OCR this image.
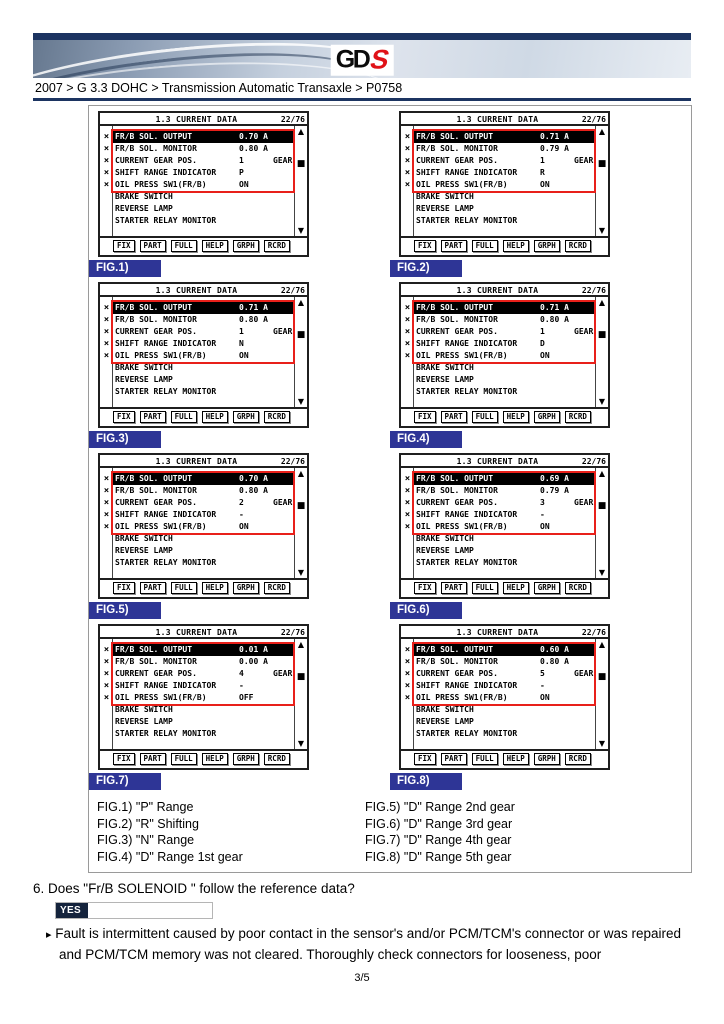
GD
S
2007 > G 3.3 DOHC > Transmission Automatic Transaxle > P0758
1.3 CURRENT DATA	22/76
× FR/B SOL. OUTPUT	0.70 A
× FR/B SOL. MONITOR	0.80 A
× CURRENT GEAR POS.	1	GEAR
× SHIFT RANGE INDICATOR	P
× OIL PRESS SW1(FR/B)	ON
BRAKE SWITCH
REVERSE LAMP
STARTER RELAY MONITOR
▲
■
▼
FIX	PART	FULL	HELP	GRPH	RCRD
FIG.1)
1.3 CURRENT DATA	22/76
× FR/B SOL. OUTPUT	0.71 A
× FR/B SOL. MONITOR	0.79 A
× CURRENT GEAR POS.	1	GEAR
× SHIFT RANGE INDICATOR	R
× OIL PRESS SW1(FR/B)	ON
BRAKE SWITCH
REVERSE LAMP
STARTER RELAY MONITOR
▲
■
▼
FIX	PART	FULL	HELP	GRPH	RCRD
FIG.2)
1.3 CURRENT DATA	22/76
× FR/B SOL. OUTPUT	0.71 A
× FR/B SOL. MONITOR	0.80 A
× CURRENT GEAR POS.	1	GEAR
× SHIFT RANGE INDICATOR	N
× OIL PRESS SW1(FR/B)	ON
BRAKE SWITCH
REVERSE LAMP
STARTER RELAY MONITOR
▲
■
▼
FIX	PART	FULL	HELP	GRPH	RCRD
FIG.3)
1.3 CURRENT DATA	22/76
× FR/B SOL. OUTPUT	0.71 A
× FR/B SOL. MONITOR	0.80 A
× CURRENT GEAR POS.	1	GEAR
× SHIFT RANGE INDICATOR	D
× OIL PRESS SW1(FR/B)	ON
BRAKE SWITCH
REVERSE LAMP
STARTER RELAY MONITOR
▲
■
▼
FIX	PART	FULL	HELP	GRPH	RCRD
FIG.4)
1.3 CURRENT DATA	22/76
× FR/B SOL. OUTPUT	0.70 A
× FR/B SOL. MONITOR	0.80 A
× CURRENT GEAR POS.	2	GEAR
× SHIFT RANGE INDICATOR	-
× OIL PRESS SW1(FR/B)	ON
BRAKE SWITCH
REVERSE LAMP
STARTER RELAY MONITOR
▲
■
▼
FIX	PART	FULL	HELP	GRPH	RCRD
FIG.5)
1.3 CURRENT DATA	22/76
× FR/B SOL. OUTPUT	0.69 A
× FR/B SOL. MONITOR	0.79 A
× CURRENT GEAR POS.	3	GEAR
× SHIFT RANGE INDICATOR	-
× OIL PRESS SW1(FR/B)	ON
BRAKE SWITCH
REVERSE LAMP
STARTER RELAY MONITOR
▲
■
▼
FIX	PART	FULL	HELP	GRPH	RCRD
FIG.6)
1.3 CURRENT DATA	22/76
× FR/B SOL. OUTPUT	0.01 A
× FR/B SOL. MONITOR	0.00 A
× CURRENT GEAR POS.	4	GEAR
× SHIFT RANGE INDICATOR	-
× OIL PRESS SW1(FR/B)	OFF
BRAKE SWITCH
REVERSE LAMP
STARTER RELAY MONITOR
▲
■
▼
FIX	PART	FULL	HELP	GRPH	RCRD
FIG.7)
1.3 CURRENT DATA	22/76
× FR/B SOL. OUTPUT	0.60 A
× FR/B SOL. MONITOR	0.80 A
× CURRENT GEAR POS.	5	GEAR
× SHIFT RANGE INDICATOR	-
× OIL PRESS SW1(FR/B)	ON
BRAKE SWITCH
REVERSE LAMP
STARTER RELAY MONITOR
▲
■
▼
FIX	PART	FULL	HELP	GRPH	RCRD
FIG.8)
FIG.1) "P" Range
FIG.2) "R" Shifting
FIG.3) "N" Range
FIG.4) "D" Range 1st gear
FIG.5) "D" Range 2nd gear
FIG.6) "D" Range 3rd gear
FIG.7) "D" Range 4th gear
FIG.8) "D" Range 5th gear
6. Does "Fr/B SOLENOID " follow the reference data?
YES
▸ Fault is intermittent caused by poor contact in the sensor's and/or PCM/TCM's connector or was repaired and PCM/TCM memory was not cleared. Thoroughly check connectors for looseness, poor
3/5
